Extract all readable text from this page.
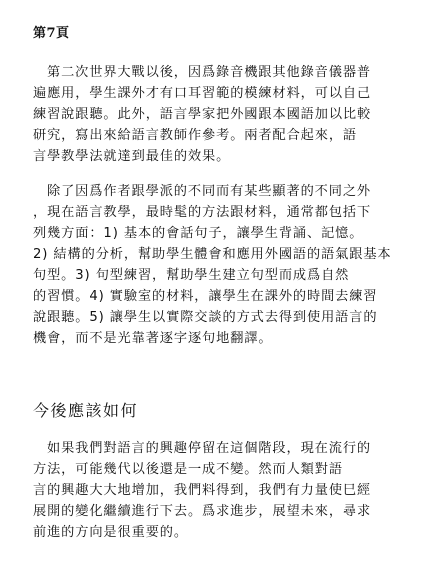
第7頁
第二次世界大戰以後，因爲錄音機跟其他錄音儀器普
遍應用，學生課外才有口耳習範的模練材料，可以自己
練習說跟聽。此外，語言學家把外國跟本國語加以比較
研究，寫出來給語言教師作參考。兩者配合起來，語
言學教學法就達到最佳的效果。
除了因爲作者跟學派的不同而有某些顯著的不同之外
，現在語言教學，最時髦的方法跟材料，通常都包括下
列幾方面：1) 基本的會話句子，讓學生背誦、記憶。
2) 結構的分析，幫助學生體會和應用外國語的語氣跟基本
句型。3) 句型練習，幫助學生建立句型而成爲自然
的習慣。4) 實驗室的材料，讓學生在課外的時間去練習
說跟聽。5) 讓學生以實際交談的方式去得到使用語言的
機會，而不是光靠著逐字逐句地翻譯。
今後應該如何
如果我們對語言的興趣停留在這個階段，現在流行的
方法，可能幾代以後還是一成不變。然而人類對語
言的興趣大大地增加，我們料得到，我們有力量使巳經
展開的變化繼續進行下去。爲求進步，展望未來，尋求
前進的方向是很重要的。
